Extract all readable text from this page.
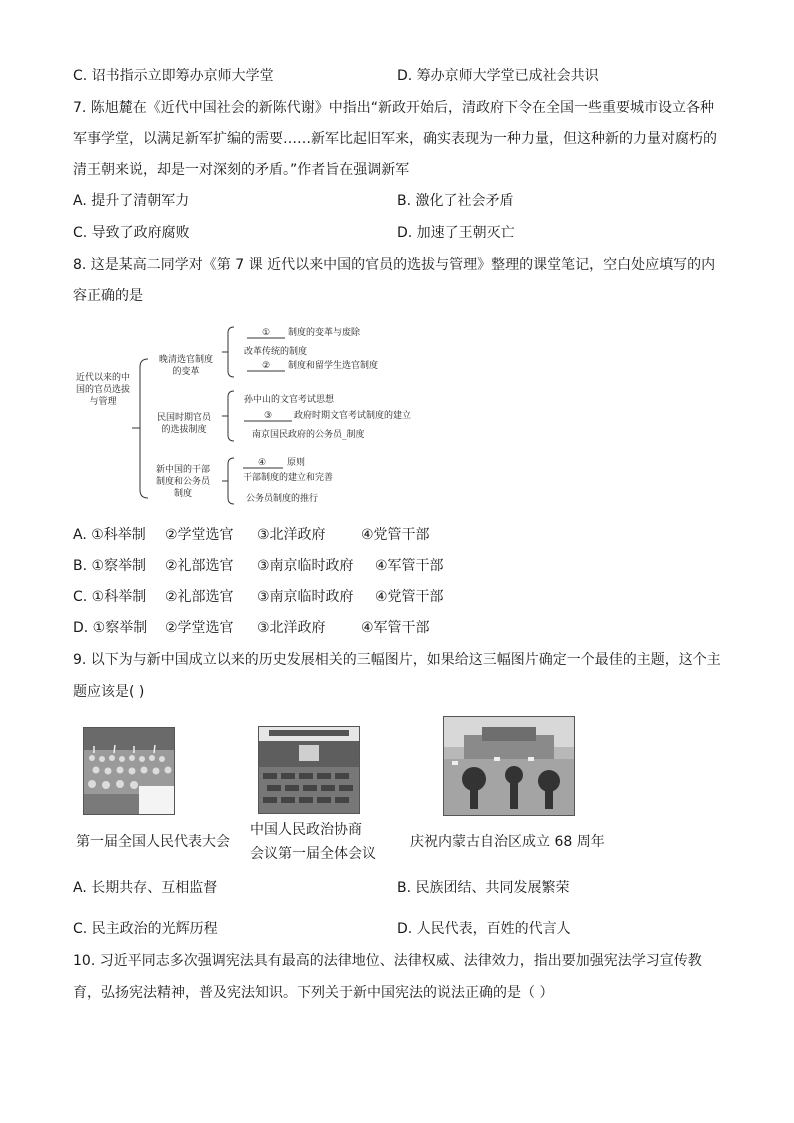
C. 诏书指示立即筹办京师大学堂	D. 筹办京师大学堂已成社会共识
7. 陈旭麓在《近代中国社会的新陈代谢》中指出“新政开始后，清政府下令在全国一些重要城市设立各种
军事学堂，以满足新军扩编的需要……新军比起旧军来，确实表现为一种力量，但这种新的力量对腐朽的
清王朝来说，却是一对深刻的矛盾。”作者旨在强调新军
A. 提升了清朝军力	B. 激化了社会矛盾
C. 导致了政府腐败	D. 加速了王朝灭亡
8. 这是某高二同学对《第 7 课 近代以来中国的官员的选拔与管理》整理的课堂笔记，空白处应填写的内
容正确的是
近代以来的中
国的官员选拔
与管理
晚清选官制度
的变革
① 制度的变革与废除
改革传统的制度
② 制度和留学生选官制度
民国时期官员
的选拔制度
孙中山的文官考试思想
③ 政府时期文官考试制度的建立
南京国民政府的公务员_制度
新中国的干部
制度和公务员
制度
④ 原则
干部制度的建立和完善
公务员制度的推行
A. ①科举制 ②学堂选官 ③北洋政府	④党管干部
B. ①察举制 ②礼部选官 ③南京临时政府 ④军管干部
C. ①科举制 ②礼部选官 ③南京临时政府 ④党管干部
D. ①察举制 ②学堂选官 ③北洋政府	④军管干部
9. 以下为与新中国成立以来的历史发展相关的三幅图片，如果给这三幅图片确定一个最佳的主题，这个主
题应该是( )
第一届全国人民代表大会
中国人民政治协商
会议第一届全体会议
庆祝内蒙古自治区成立 68 周年
A. 长期共存、互相监督	B. 民族团结、共同发展繁荣
C. 民主政治的光辉历程	D. 人民代表，百姓的代言人
10. 习近平同志多次强调宪法具有最高的法律地位、法律权威、法律效力，指出要加强宪法学习宣传教
育，弘扬宪法精神，普及宪法知识。下列关于新中国宪法的说法正确的是（ ）
